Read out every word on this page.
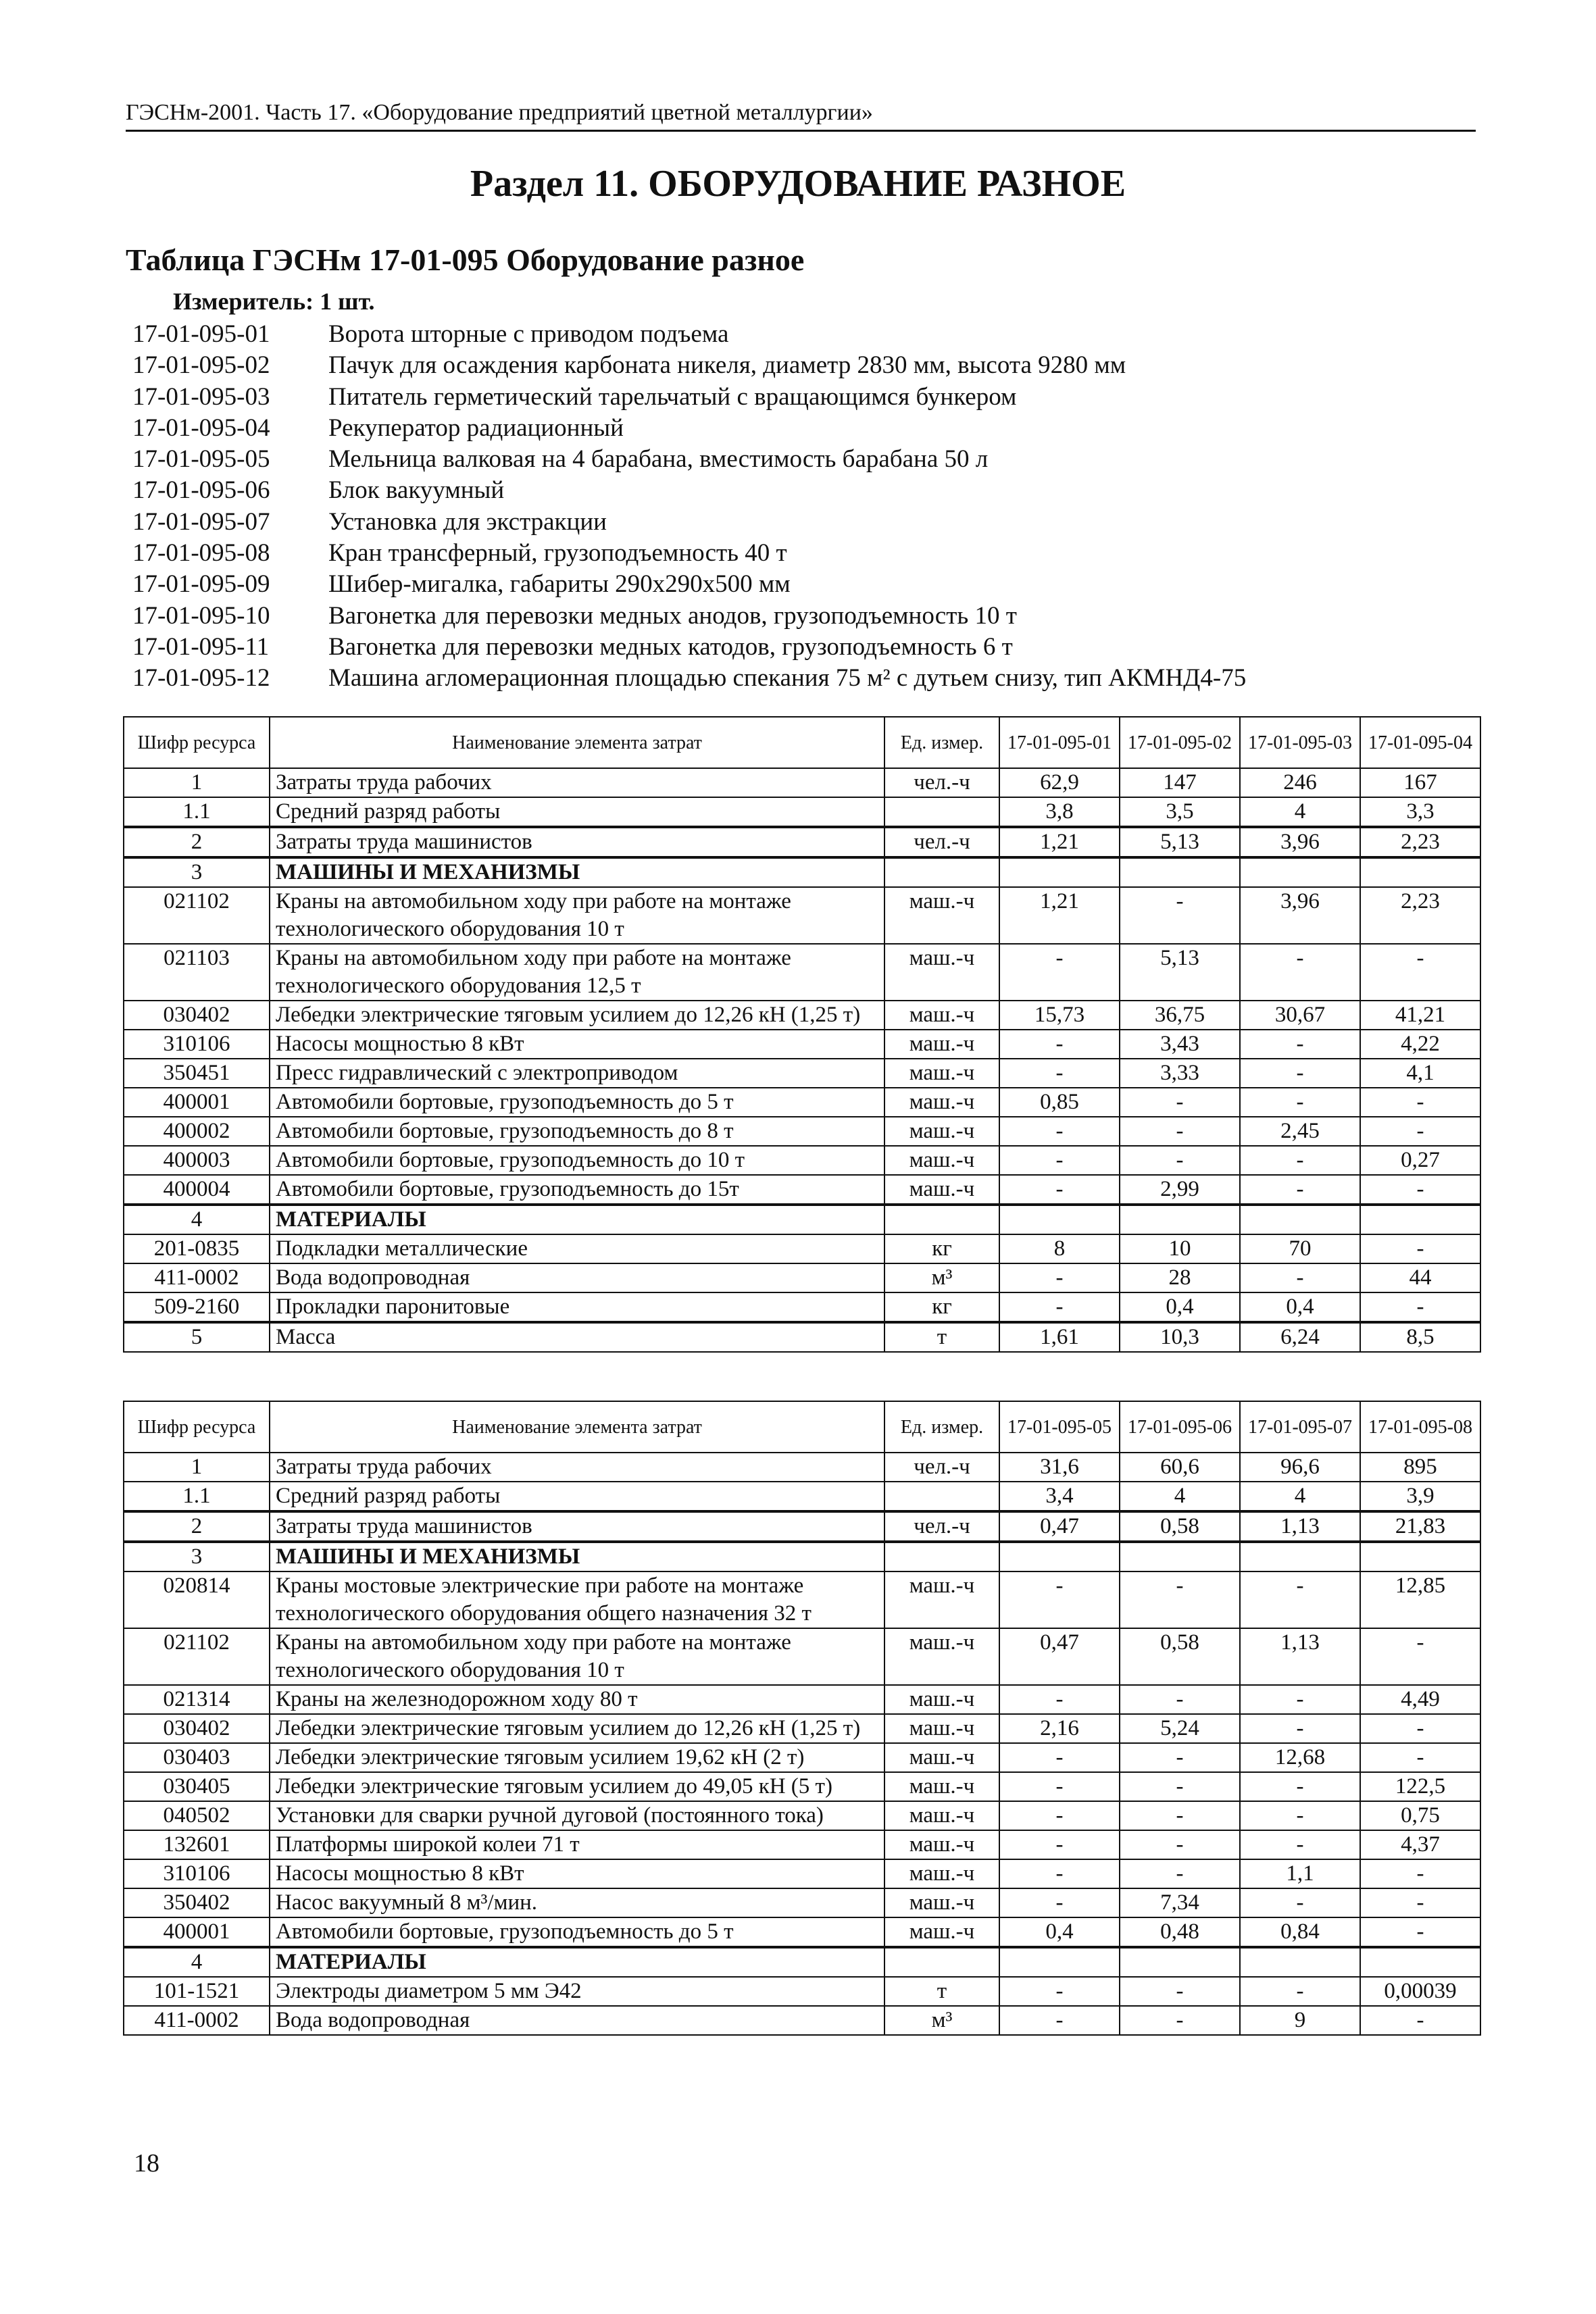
ГЭСНм-2001. Часть 17. «Оборудование предприятий цветной металлургии»
Раздел 11. ОБОРУДОВАНИЕ РАЗНОЕ
Таблица ГЭСНм 17-01-095 Оборудование разное
Измеритель: 1 шт.
17-01-095-01	Ворота шторные с приводом подъема
17-01-095-02	Пачук для осаждения карбоната никеля, диаметр 2830 мм, высота 9280 мм
17-01-095-03	Питатель герметический тарельчатый с вращающимся бункером
17-01-095-04	Рекуператор радиационный
17-01-095-05	Мельница валковая на 4 барабана, вместимость барабана 50 л
17-01-095-06	Блок вакуумный
17-01-095-07	Установка для экстракции
17-01-095-08	Кран трансферный, грузоподъемность 40 т
17-01-095-09	Шибер-мигалка, габариты 290х290х500 мм
17-01-095-10	Вагонетка для перевозки медных анодов, грузоподъемность 10 т
17-01-095-11	Вагонетка для перевозки медных катодов, грузоподъемность 6 т
17-01-095-12	Машина агломерационная площадью спекания 75 м² с дутьем снизу, тип АКМНД4-75
Шифр ресурса	Наименование элемента затрат	Ед. измер.	17-01-095-01	17-01-095-02	17-01-095-03	17-01-095-04
1	Затраты труда рабочих	чел.-ч	62,9	147	246	167
1.1	Средний разряд работы		3,8	3,5	4	3,3
2	Затраты труда машинистов	чел.-ч	1,21	5,13	3,96	2,23
3	МАШИНЫ И МЕХАНИЗМЫ					
021102	Краны на автомобильном ходу при работе на монтаже технологического оборудования 10 т	маш.-ч	1,21	-	3,96	2,23
021103	Краны на автомобильном ходу при работе на монтаже технологического оборудования 12,5 т	маш.-ч	-	5,13	-	-
030402	Лебедки электрические тяговым усилием до 12,26 кН (1,25 т)	маш.-ч	15,73	36,75	30,67	41,21
310106	Насосы мощностью 8 кВт	маш.-ч	-	3,43	-	4,22
350451	Пресс гидравлический с электроприводом	маш.-ч	-	3,33	-	4,1
400001	Автомобили бортовые, грузоподъемность до 5 т	маш.-ч	0,85	-	-	-
400002	Автомобили бортовые, грузоподъемность до 8 т	маш.-ч	-	-	2,45	-
400003	Автомобили бортовые, грузоподъемность до 10 т	маш.-ч	-	-	-	0,27
400004	Автомобили бортовые, грузоподъемность до 15т	маш.-ч	-	2,99	-	-
4	МАТЕРИАЛЫ					
201-0835	Подкладки металлические	кг	8	10	70	-
411-0002	Вода водопроводная	м³	-	28	-	44
509-2160	Прокладки паронитовые	кг	-	0,4	0,4	-
5	Масса	т	1,61	10,3	6,24	8,5
Шифр ресурса	Наименование элемента затрат	Ед. измер.	17-01-095-05	17-01-095-06	17-01-095-07	17-01-095-08
1	Затраты труда рабочих	чел.-ч	31,6	60,6	96,6	895
1.1	Средний разряд работы		3,4	4	4	3,9
2	Затраты труда машинистов	чел.-ч	0,47	0,58	1,13	21,83
3	МАШИНЫ И МЕХАНИЗМЫ					
020814	Краны мостовые электрические при работе на монтаже технологического оборудования общего назначения 32 т	маш.-ч	-	-	-	12,85
021102	Краны на автомобильном ходу при работе на монтаже технологического оборудования 10 т	маш.-ч	0,47	0,58	1,13	-
021314	Краны на железнодорожном ходу 80 т	маш.-ч	-	-	-	4,49
030402	Лебедки электрические тяговым усилием до 12,26 кН (1,25 т)	маш.-ч	2,16	5,24	-	-
030403	Лебедки электрические тяговым усилием 19,62 кН (2 т)	маш.-ч	-	-	12,68	-
030405	Лебедки электрические тяговым усилием до 49,05 кН (5 т)	маш.-ч	-	-	-	122,5
040502	Установки для сварки ручной дуговой (постоянного тока)	маш.-ч	-	-	-	0,75
132601	Платформы широкой колеи 71 т	маш.-ч	-	-	-	4,37
310106	Насосы мощностью 8 кВт	маш.-ч	-	-	1,1	-
350402	Насос вакуумный 8 м³/мин.	маш.-ч	-	7,34	-	-
400001	Автомобили бортовые, грузоподъемность до 5 т	маш.-ч	0,4	0,48	0,84	-
4	МАТЕРИАЛЫ					
101-1521	Электроды диаметром 5 мм Э42	т	-	-	-	0,00039
411-0002	Вода водопроводная	м³	-	-	9	-
18
